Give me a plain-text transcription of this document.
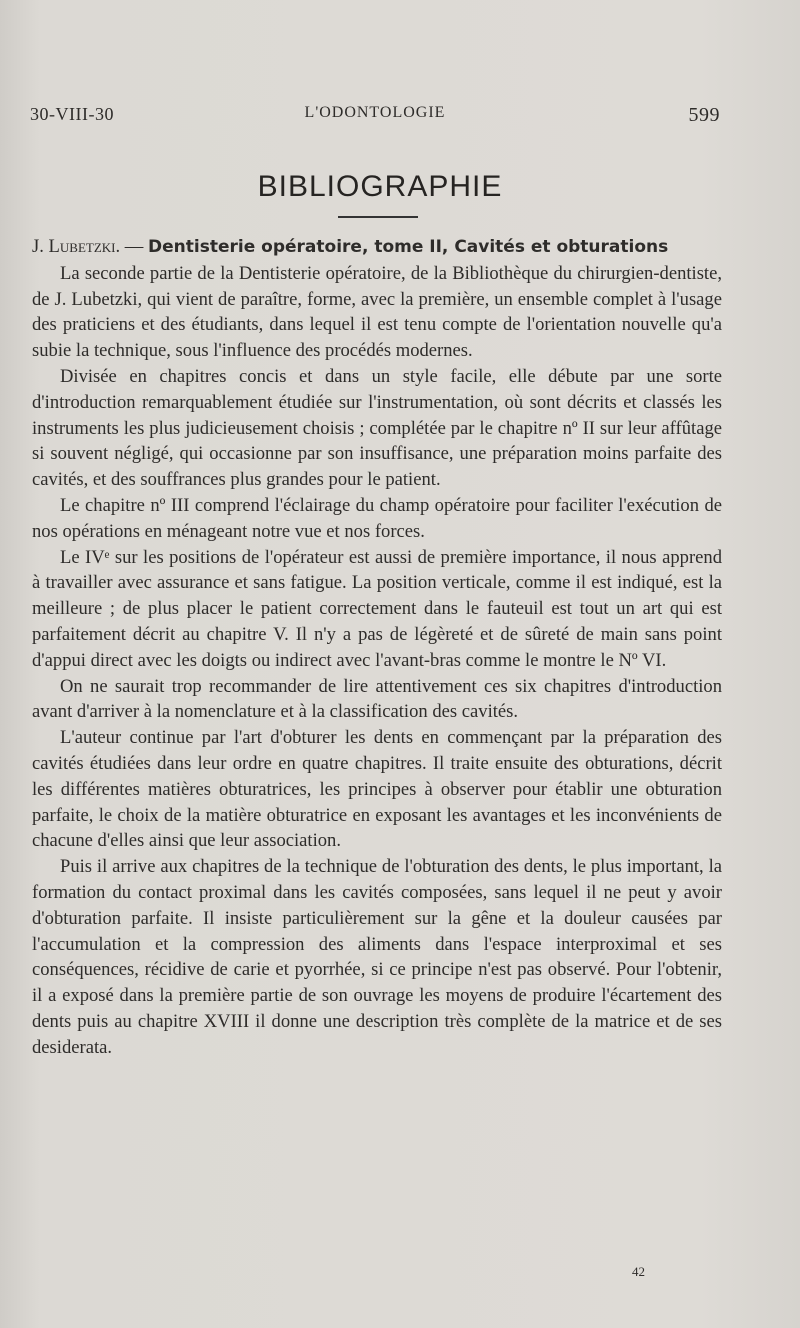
30-VIII-30	L'ODONTOLOGIE	599
BIBLIOGRAPHIE

J. Lubetzki. — Dentisterie opératoire, tome II, Cavités et obturations

La seconde partie de la Dentisterie opératoire, de la Bibliothèque du chirurgien-dentiste, de J. Lubetzki, qui vient de paraître, forme, avec la première, un ensemble complet à l'usage des praticiens et des étudiants, dans lequel il est tenu compte de l'orientation nouvelle qu'a subie la technique, sous l'influence des procédés modernes.

Divisée en chapitres concis et dans un style facile, elle débute par une sorte d'introduction remarquablement étudiée sur l'instrumentation, où sont décrits et classés les instruments les plus judicieusement choisis ; complétée par le chapitre nº II sur leur affûtage si souvent négligé, qui occasionne par son insuffisance, une préparation moins parfaite des cavités, et des souffrances plus grandes pour le patient.

Le chapitre nº III comprend l'éclairage du champ opératoire pour faciliter l'exécution de nos opérations en ménageant notre vue et nos forces.

Le IVᵉ sur les positions de l'opérateur est aussi de première importance, il nous apprend à travailler avec assurance et sans fatigue. La position verticale, comme il est indiqué, est la meilleure ; de plus placer le patient correctement dans le fauteuil est tout un art qui est parfaitement décrit au chapitre V. Il n'y a pas de légèreté et de sûreté de main sans point d'appui direct avec les doigts ou indirect avec l'avant-bras comme le montre le Nº VI.

On ne saurait trop recommander de lire attentivement ces six chapitres d'introduction avant d'arriver à la nomenclature et à la classification des cavités.

L'auteur continue par l'art d'obturer les dents en commençant par la préparation des cavités étudiées dans leur ordre en quatre chapitres. Il traite ensuite des obturations, décrit les différentes matières obturatrices, les principes à observer pour établir une obturation parfaite, le choix de la matière obturatrice en exposant les avantages et les inconvénients de chacune d'elles ainsi que leur association.

Puis il arrive aux chapitres de la technique de l'obturation des dents, le plus important, la formation du contact proximal dans les cavités composées, sans lequel il ne peut y avoir d'obturation parfaite. Il insiste particulièrement sur la gêne et la douleur causées par l'accumulation et la compression des aliments dans l'espace interproximal et ses conséquences, récidive de carie et pyorrhée, si ce principe n'est pas observé. Pour l'obtenir, il a exposé dans la première partie de son ouvrage les moyens de produire l'écartement des dents puis au chapitre XVIII il donne une description très complète de la matrice et de ses desiderata.

42
